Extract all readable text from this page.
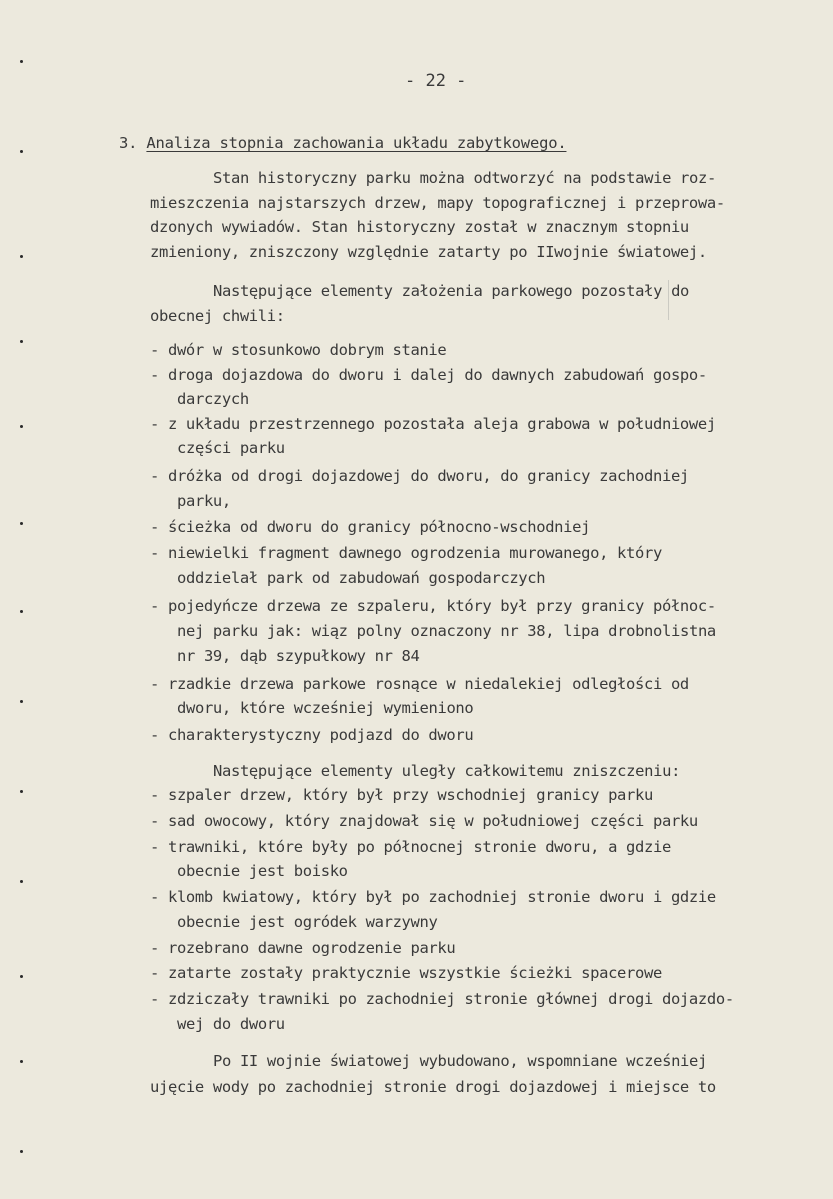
- 22 -
3. Analiza stopnia zachowania układu zabytkowego.
Stan historyczny parku można odtworzyć na podstawie roz-
mieszczenia najstarszych drzew, mapy topograficznej i przeprowa-
dzonych wywiadów. Stan historyczny został w znacznym stopniu
zmieniony, zniszczony względnie zatarty po IIwojnie światowej.
Następujące elementy założenia parkowego pozostały do
obecnej chwili:
- dwór w stosunkowo dobrym stanie
- droga dojazdowa do dworu i dalej do dawnych zabudowań gospo-
darczych
- z układu przestrzennego pozostała aleja grabowa w południowej
części parku
- dróżka od drogi dojazdowej do dworu, do granicy zachodniej
parku,
- ścieżka od dworu do granicy północno-wschodniej
- niewielki fragment dawnego ogrodzenia murowanego, który
oddzielał park od zabudowań gospodarczych
- pojedyńcze drzewa ze szpaleru, który był przy granicy północ-
nej parku jak: wiąz polny oznaczony nr 38, lipa drobnolistna
nr 39, dąb szypułkowy nr 84
- rzadkie drzewa parkowe rosnące w niedalekiej odległości od
dworu, które wcześniej wymieniono
- charakterystyczny podjazd do dworu
Następujące elementy uległy całkowitemu zniszczeniu:
- szpaler drzew, który był przy wschodniej granicy parku
- sad owocowy, który znajdował się w południowej części parku
- trawniki, które były po północnej stronie dworu, a gdzie
obecnie jest boisko
- klomb kwiatowy, który był po zachodniej stronie dworu i gdzie
obecnie jest ogródek warzywny
- rozebrano dawne ogrodzenie parku
- zatarte zostały praktycznie wszystkie ścieżki spacerowe
- zdziczały trawniki po zachodniej stronie głównej drogi dojazdo-
wej do dworu
Po II wojnie światowej wybudowano, wspomniane wcześniej
ujęcie wody po zachodniej stronie drogi dojazdowej i miejsce to
